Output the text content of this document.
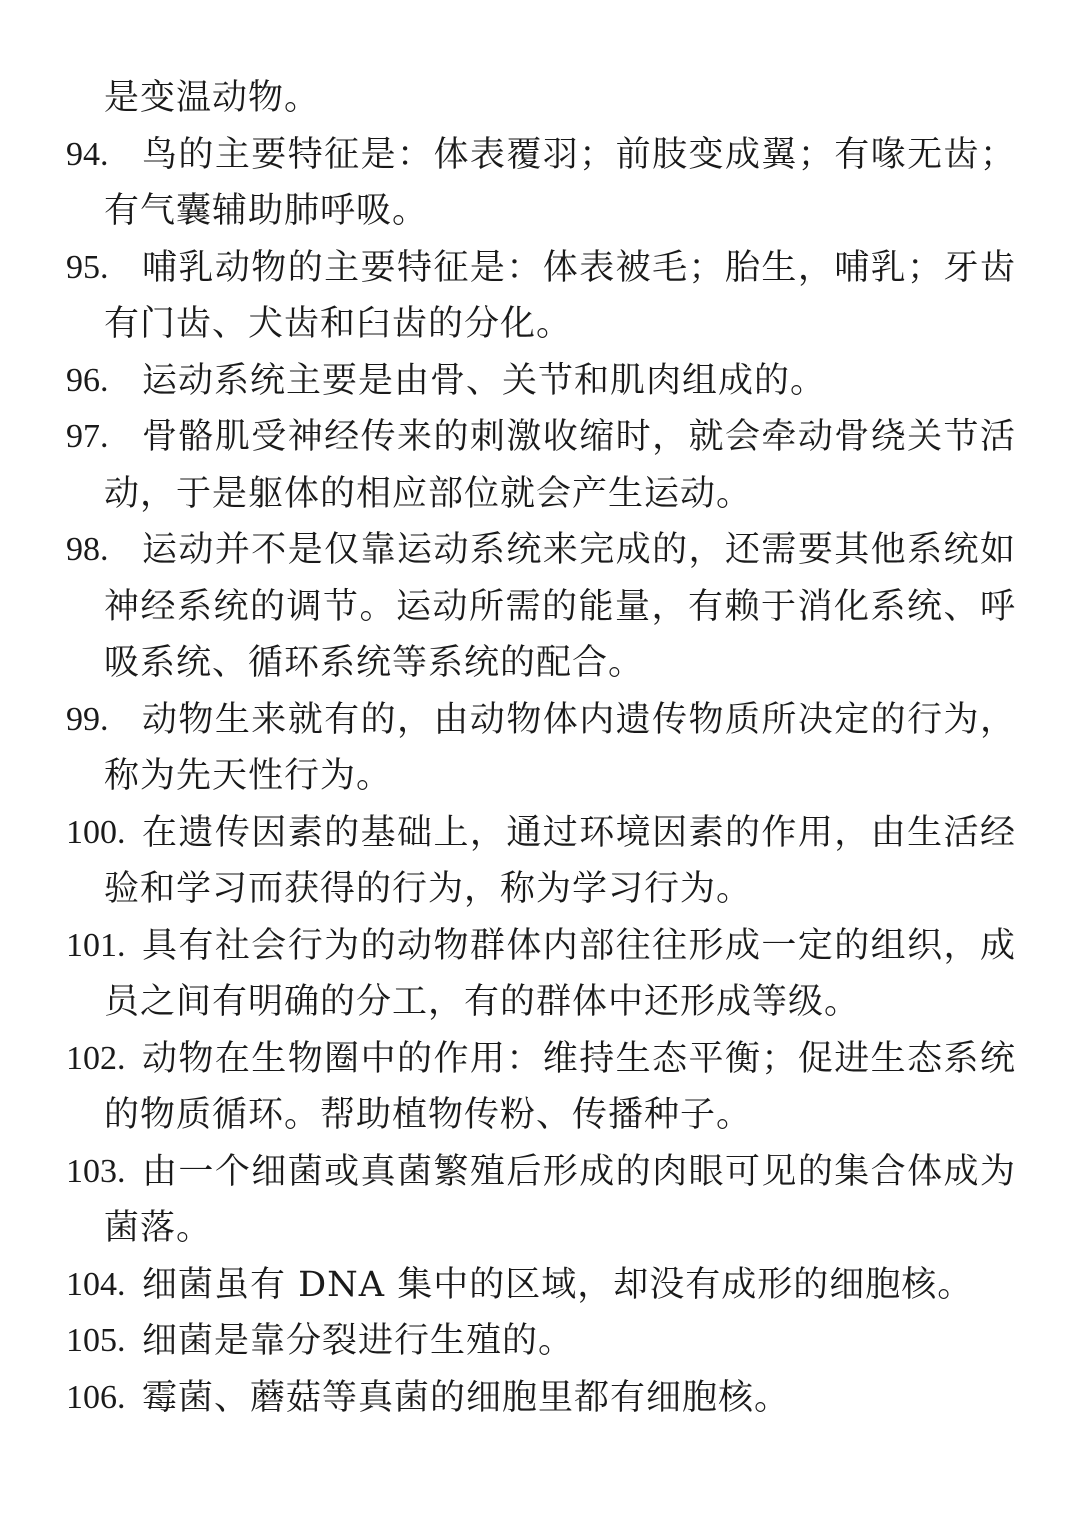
是变温动物。
94. 鸟的主要特征是：体表覆羽；前肢变成翼；有喙无齿；
有气囊辅助肺呼吸。
95. 哺乳动物的主要特征是：体表被毛；胎生，哺乳；牙齿
有门齿、犬齿和臼齿的分化。
96. 运动系统主要是由骨、关节和肌肉组成的。
97. 骨骼肌受神经传来的刺激收缩时，就会牵动骨绕关节活
动，于是躯体的相应部位就会产生运动。
98. 运动并不是仅靠运动系统来完成的，还需要其他系统如
神经系统的调节。运动所需的能量，有赖于消化系统、呼
吸系统、循环系统等系统的配合。
99. 动物生来就有的，由动物体内遗传物质所决定的行为，
称为先天性行为。
100. 在遗传因素的基础上，通过环境因素的作用，由生活经
验和学习而获得的行为，称为学习行为。
101. 具有社会行为的动物群体内部往往形成一定的组织，成
员之间有明确的分工，有的群体中还形成等级。
102. 动物在生物圈中的作用：维持生态平衡；促进生态系统
的物质循环。帮助植物传粉、传播种子。
103. 由一个细菌或真菌繁殖后形成的肉眼可见的集合体成为
菌落。
104. 细菌虽有 DNA 集中的区域，却没有成形的细胞核。
105. 细菌是靠分裂进行生殖的。
106. 霉菌、蘑菇等真菌的细胞里都有细胞核。
